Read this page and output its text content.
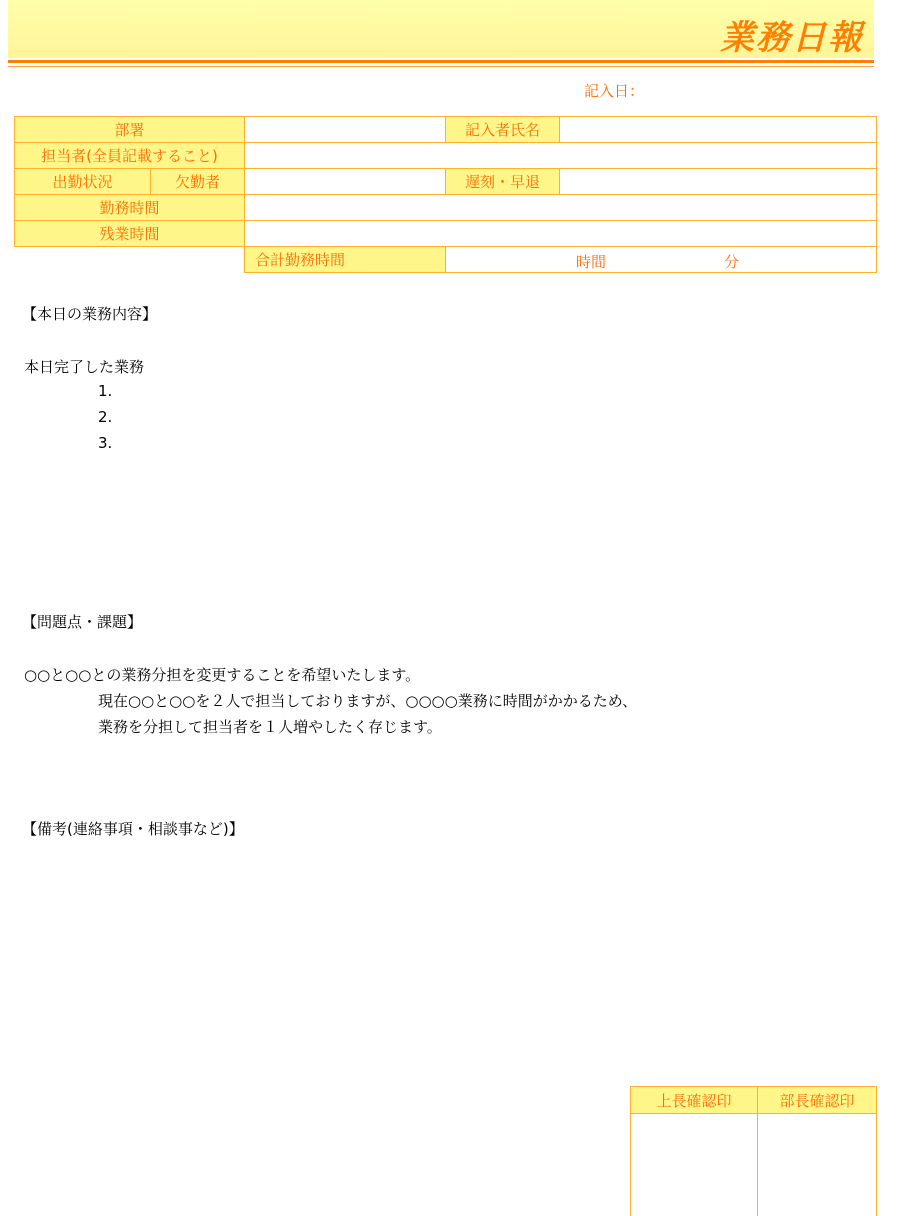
業務日報
記入日：
部署			記入者氏名	
担当者(全員記載すること)				
出勤状況	欠勤者		遅刻・早退	
勤務時間				
残業時間				
		合計勤務時間	時間 分	
【本日の業務内容】
本日完了した業務
1.
2.
3.
【問題点・課題】
○○と○○との業務分担を変更することを希望いたします。
現在○○と○○を２人で担当しておりますが、○○○○業務に時間がかかるため、
業務を分担して担当者を１人増やしたく存じます。
【備考(連絡事項・相談事など)】
上長確認印	部長確認印
